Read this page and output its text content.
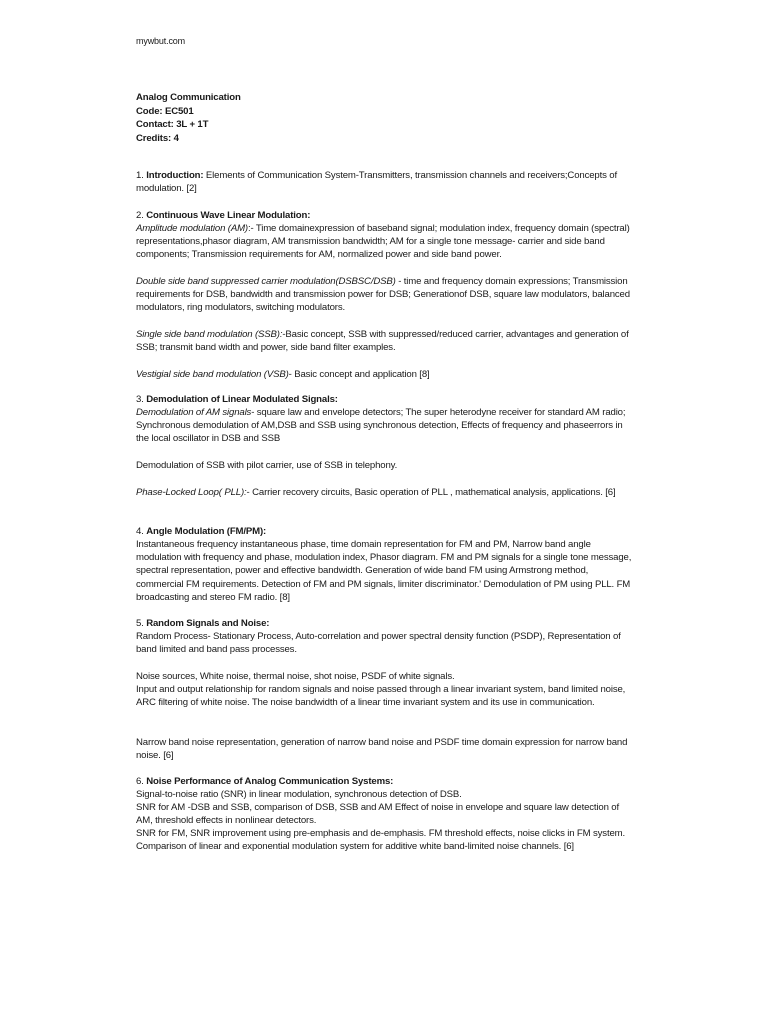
mywbut.com
Analog Communication
Code: EC501
Contact: 3L + 1T
Credits: 4

1. Introduction: Elements of Communication System-Transmitters, transmission channels and receivers;Concepts of modulation. [2]

2. Continuous Wave Linear Modulation:

Amplitude modulation (AM):- Time domainexpression of baseband signal; modulation index, frequency domain (spectral) representations,phasor diagram, AM transmission bandwidth; AM for a single tone message- carrier and side band components; Transmission requirements for AM, normalized power and side band power.

Double side band suppressed carrier modulation(DSBSC/DSB) - time and frequency domain expressions; Transmission requirements for DSB, bandwidth and transmission power for DSB; Generationof DSB, square law modulators, balanced modulators, ring modulators, switching modulators.

Single side band modulation (SSB):-Basic concept, SSB with suppressed/reduced carrier, advantages and generation of SSB; transmit band width and power, side band filter examples.

Vestigial side band modulation (VSB)- Basic concept and application [8]

3. Demodulation of Linear Modulated Signals:

Demodulation of AM signals- square law and envelope detectors; The super heterodyne receiver for standard AM radio; Synchronous demodulation of AM,DSB and SSB using synchronous detection, Effects of frequency and phaseerrors in the local oscillator in DSB and SSB

Demodulation of SSB with pilot carrier, use of SSB in telephony.

Phase-Locked Loop( PLL):- Carrier recovery circuits, Basic operation of PLL , mathematical analysis, applications. [6]

4. Angle Modulation (FM/PM):

Instantaneous frequency instantaneous phase, time domain representation for FM and PM, Narrow band angle modulation with frequency and phase, modulation index, Phasor diagram. FM and PM signals for a single tone message, spectral representation, power and effective bandwidth. Generation of wide band FM using Armstrong method, commercial FM requirements. Detection of FM and PM signals, limiter discriminator.' Demodulation of PM using PLL. FM broadcasting and stereo FM radio. [8]

5. Random Signals and Noise:

Random Process- Stationary Process, Auto-correlation and power spectral density function (PSDP), Representation of band limited and band pass processes.

Noise sources, White noise, thermal noise, shot noise, PSDF of white signals.

Input and output relationship for random signals and noise passed through a linear invariant system, band limited noise, ARC filtering of white noise. The noise bandwidth of a linear time invariant system and its use in communication.

Narrow band noise representation, generation of narrow band noise and PSDF time domain expression for narrow band noise. [6]

6. Noise Performance of Analog Communication Systems:

Signal-to-noise ratio (SNR) in linear modulation, synchronous detection of DSB.

SNR for AM -DSB and SSB, comparison of DSB, SSB and AM Effect of noise in envelope and square law detection of AM, threshold effects in nonlinear detectors.

SNR for FM, SNR improvement using pre-emphasis and de-emphasis. FM threshold effects, noise clicks in FM system. Comparison of linear and exponential modulation system for additive white band-limited noise channels. [6]
